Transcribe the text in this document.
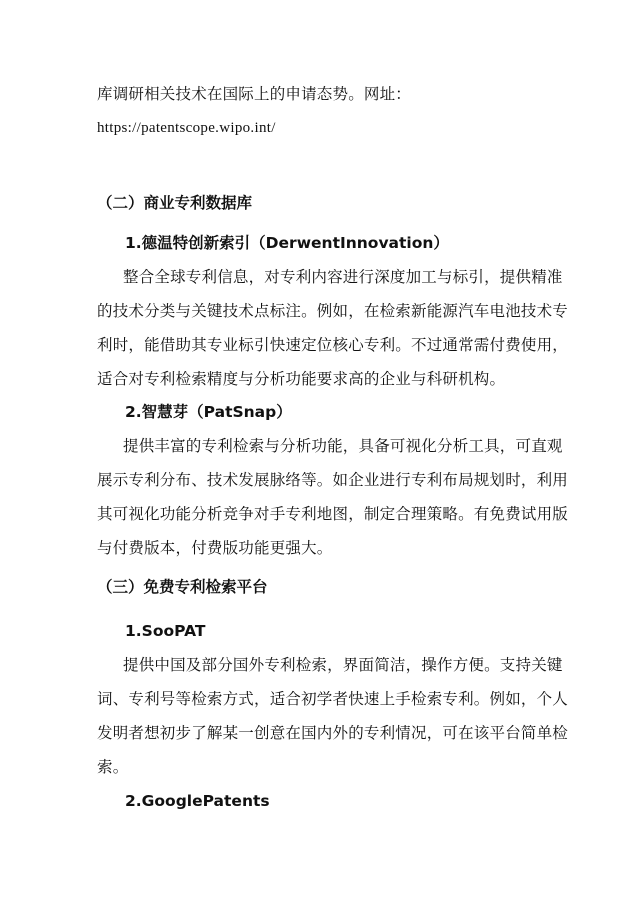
库调研相关技术在国际上的申请态势。网址：
https://patentscope.wipo.int/
（二）商业专利数据库
1.德温特创新索引（DerwentInnovation）
整合全球专利信息，对专利内容进行深度加工与标引，提供精准
的技术分类与关键技术点标注。例如，在检索新能源汽车电池技术专
利时，能借助其专业标引快速定位核心专利。不过通常需付费使用，
适合对专利检索精度与分析功能要求高的企业与科研机构。
2.智慧芽（PatSnap）
提供丰富的专利检索与分析功能，具备可视化分析工具，可直观
展示专利分布、技术发展脉络等。如企业进行专利布局规划时，利用
其可视化功能分析竞争对手专利地图，制定合理策略。有免费试用版
与付费版本，付费版功能更强大。
（三）免费专利检索平台
1.SooPAT
提供中国及部分国外专利检索，界面简洁，操作方便。支持关键
词、专利号等检索方式，适合初学者快速上手检索专利。例如，个人
发明者想初步了解某一创意在国内外的专利情况，可在该平台简单检
索。
2.GooglePatents
